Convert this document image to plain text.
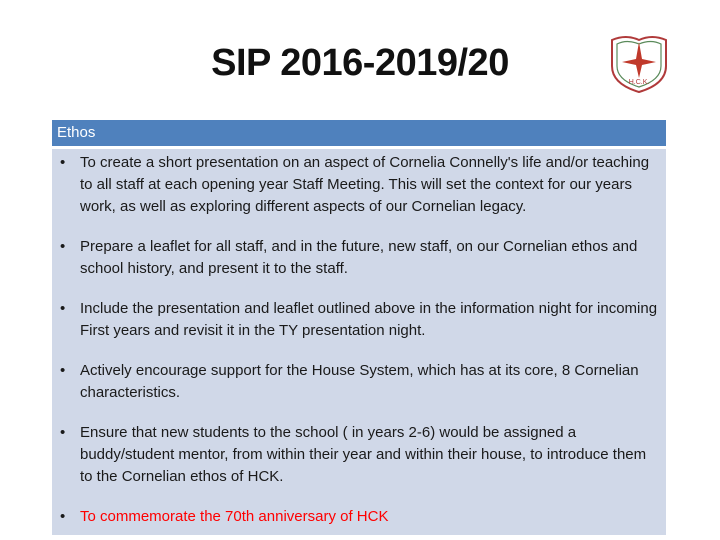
SIP 2016-2019/20	H.C.K.
Ethos
• To create a short presentation on an aspect of Cornelia Connelly's life and/or teaching to all staff at each opening year Staff Meeting. This will set the context for our years work, as well as exploring different aspects of our Cornelian legacy.
• Prepare a leaflet for all staff, and in the future, new staff, on our Cornelian ethos and school history, and present it to the staff.
• Include the presentation and leaflet outlined above in the information night for incoming First years and revisit it in the TY presentation night.
• Actively encourage support for the House System, which has at its core, 8 Cornelian characteristics.
• Ensure that new students to the school ( in years 2-6) would be assigned a buddy/student mentor, from within their year and within their house, to introduce them to the Cornelian ethos of HCK.
• To commemorate the 70th anniversary of HCK
